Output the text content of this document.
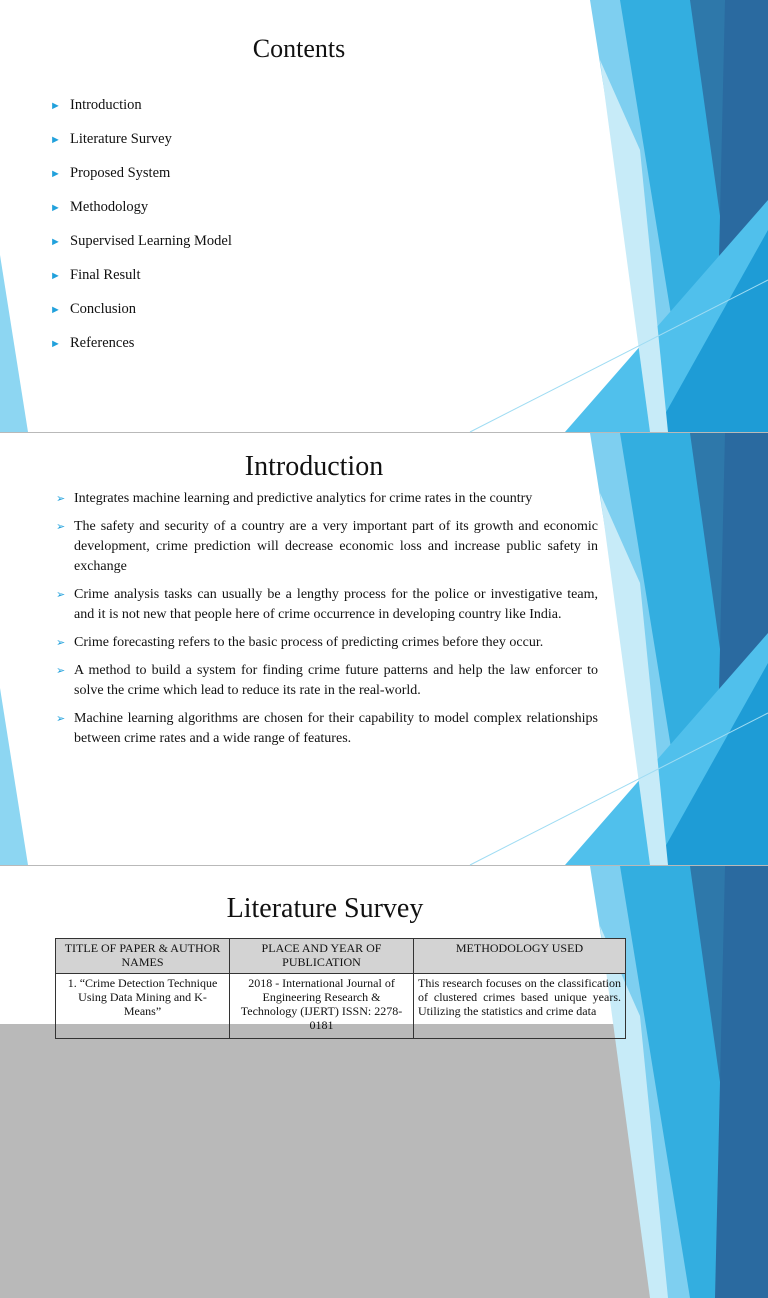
Contents
► Introduction
► Literature Survey
► Proposed System
► Methodology
► Supervised Learning Model
► Final Result
► Conclusion
► References
Introduction
➢ Integrates machine learning and predictive analytics for crime rates in the country
➢ The safety and security of a country are a very important part of its growth and economic development, crime prediction will decrease economic loss and increase public safety in exchange
➢ Crime analysis tasks can usually be a lengthy process for the police or investigative team, and it is not new that people here of crime occurrence in developing country like India.
➢ Crime forecasting refers to the basic process of predicting crimes before they occur.
➢ A method to build a system for finding crime future patterns and help the law enforcer to solve the crime which lead to reduce its rate in the real-world.
➢ Machine learning algorithms are chosen for their capability to model complex relationships between crime rates and a wide range of features.
Literature Survey
TITLE OF PAPER & AUTHOR NAMES	PLACE AND YEAR OF PUBLICATION	METHODOLOGY USED
1. “Crime Detection Technique Using Data Mining and K-Means”	2018 - International Journal of Engineering Research & Technology (IJERT) ISSN: 2278-0181	This research focuses on the classification of clustered crimes based unique years. Utilizing the statistics and crime data
